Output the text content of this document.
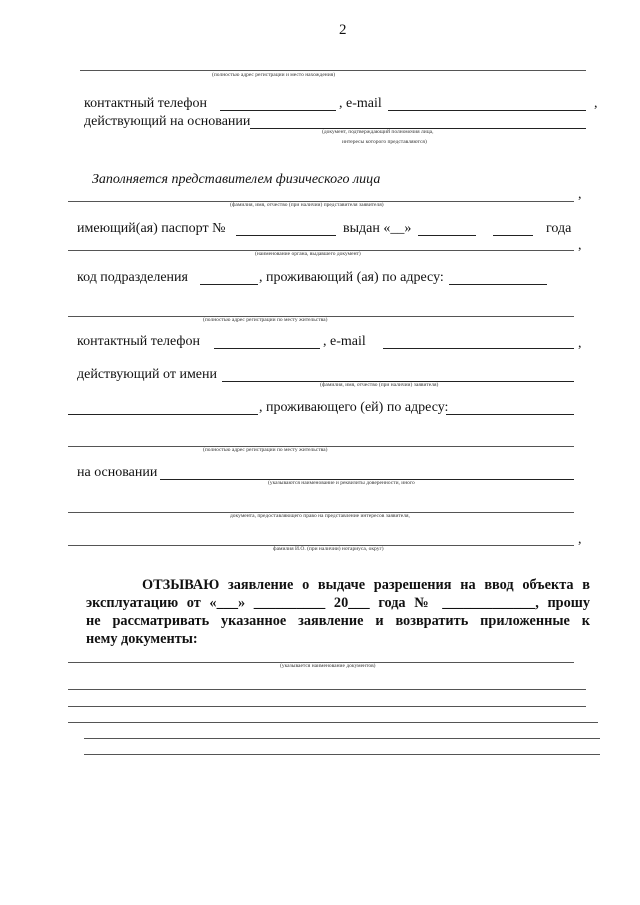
2
(полностью адрес регистрации и место нахождения)
контактный телефон	, e-mail	,
действующий на основании
(документ, подтверждающий полномочия лица,
интересы которого представляются)
Заполняется представителем физического лица
,
(фамилия, имя, отчество (при наличии) представителя заявителя)
имеющий(ая) паспорт №	выдан «__»	года
,
(наименование органа, выдавшего документ)
код подразделения	, проживающий (ая) по адресу:
(полностью адрес регистрации по месту жительства)
контактный телефон	, e-mail	,
действующий от имени
(фамилия, имя, отчество (при наличии) заявителя)
, проживающего (ей) по адресу:
(полностью адрес регистрации по месту жительства)
на основании
(указываются наименование и реквизиты доверенности, иного
документа, предоставляющего право на представление интересов заявителя,
,
фамилия И.О. (при наличии) нотариуса, округ)
ОТЗЫВАЮ заявление о выдаче разрешения на ввод объекта в
эксплуатацию от «___» __________ 20___ года № _____________, прошу
не рассматривать указанное заявление и возвратить приложенные к
нему документы:
(указывается наименование документов)
